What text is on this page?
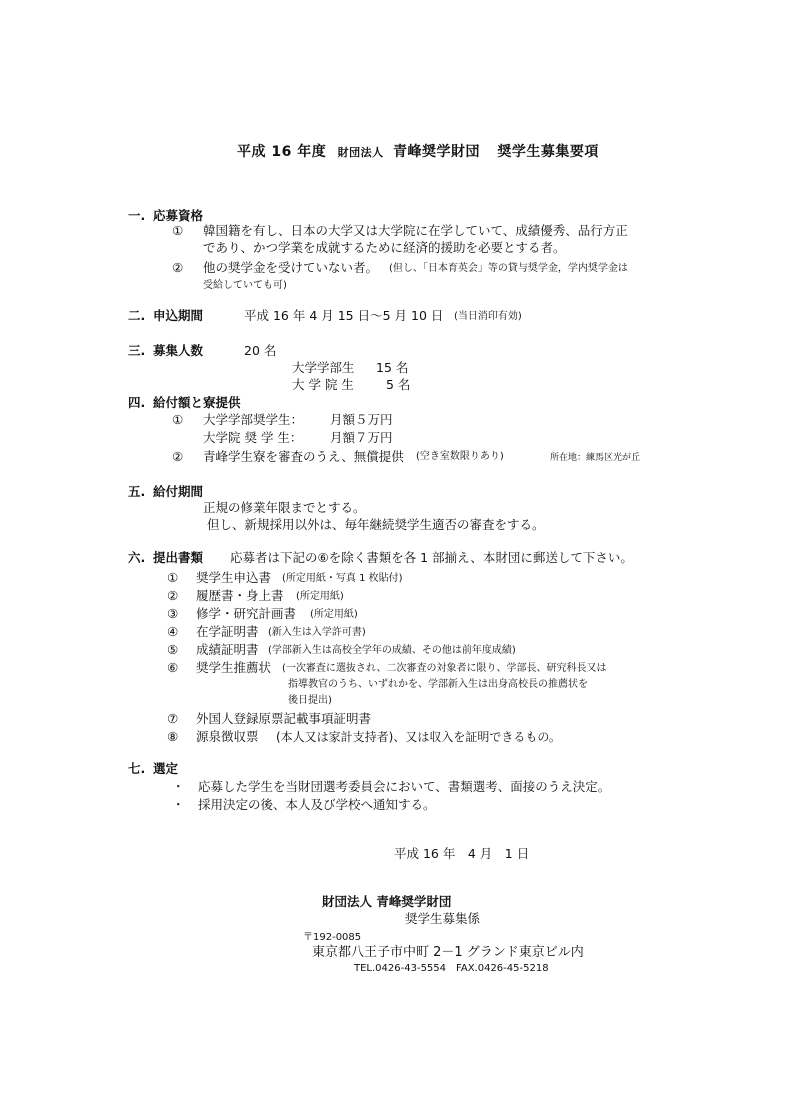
平成 16 年度 財団法人 青峰奨学財団 奨学生募集要項
一. 応募資格
① 韓国籍を有し、日本の大学又は大学院に在学していて、成績優秀、品行方正
であり、かつ学業を成就するために経済的援助を必要とする者。
② 他の奨学金を受けていない者。 (但し、「日本育英会」等の貸与奨学金，学内奨学金は
受給していても可)
二. 申込期間	平成 16 年 4 月 15 日～5 月 10 日 (当日消印有効)
三. 募集人数	20 名
大学学部生 15 名
大 学 院 生	5 名
四. 給付額と寮提供
① 大学学部奨学生： 月額５万円
大学院 奨 学 生： 月額７万円
② 青峰学生寮を審査のうえ、無償提供 (空き室数限りあり)	所在地：練馬区光が丘
五. 給付期間
正規の修業年限までとする。
但し、新規採用以外は、毎年継続奨学生適否の審査をする。
六. 提出書類 応募者は下記の⑥を除く書類を各 1 部揃え、本財団に郵送して下さい。
① 奨学生申込書 (所定用紙・写真 1 枚貼付)
② 履歴書・身上書 (所定用紙)
③ 修学・研究計画書 (所定用紙)
④ 在学証明書 (新入生は入学許可書)
⑤ 成績証明書 (学部新入生は高校全学年の成績、その他は前年度成績)
⑥ 奨学生推薦状 (一次審査に選抜され、二次審査の対象者に限り、学部長、研究科長又は
指導教官のうち、いずれかを、学部新入生は出身高校長の推薦状を
後日提出)
⑦ 外国人登録原票記載事項証明書
⑧ 源泉徴収票 (本人又は家計支持者)、又は収入を証明できるもの。
七. 選定
・ 応募した学生を当財団選考委員会において、書類選考、面接のうえ決定。
・ 採用決定の後、本人及び学校へ通知する。
平成 16 年　4 月　1 日
財団法人 青峰奨学財団
奨学生募集係
〒192-0085
東京都八王子市中町 2－1 グランド東京ビル内
TEL.0426-43-5554　FAX.0426-45-5218
